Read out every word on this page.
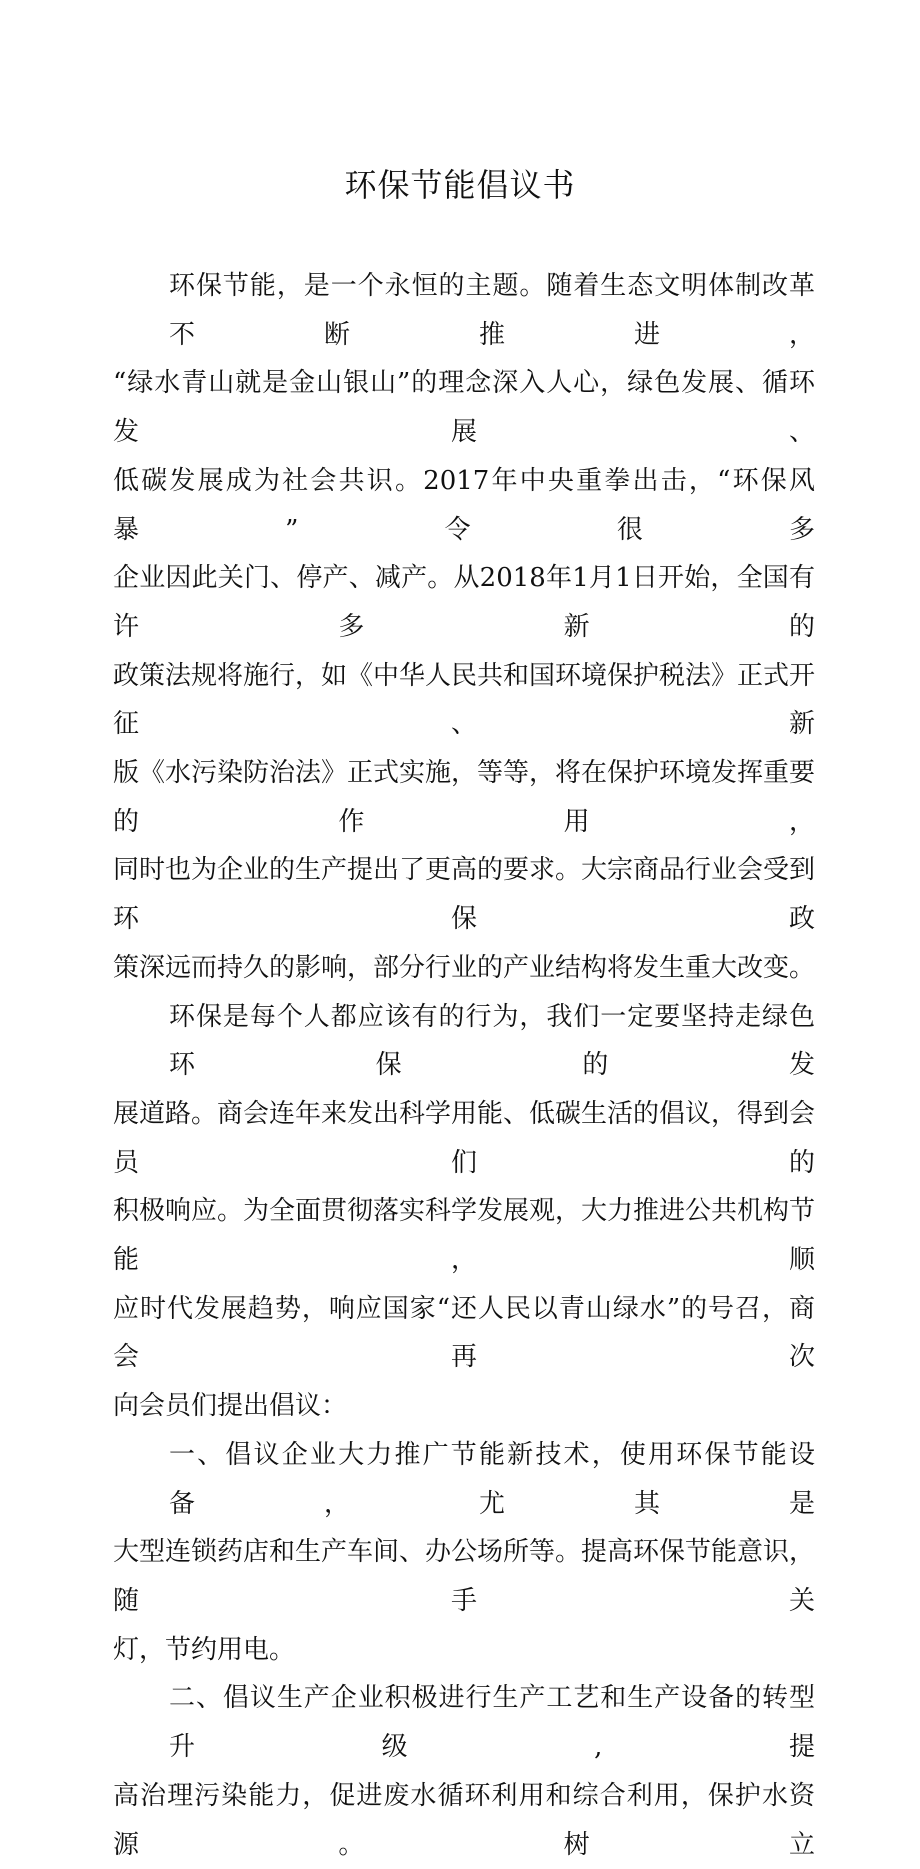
环保节能倡议书
环保节能，是一个永恒的主题。随着生态文明体制改革不断推进，
“绿水青山就是金山银山”的理念深入人心，绿色发展、循环发展、
低碳发展成为社会共识。2017年中央重拳出击，“环保风暴”令很多
企业因此关门、停产、减产。从2018年1月1日开始，全国有许多新的
政策法规将施行，如《中华人民共和国环境保护税法》正式开征、新
版《水污染防治法》正式实施，等等，将在保护环境发挥重要的作用，
同时也为企业的生产提出了更高的要求。大宗商品行业会受到环保政
策深远而持久的影响，部分行业的产业结构将发生重大改变。
环保是每个人都应该有的行为，我们一定要坚持走绿色环保的发
展道路。商会连年来发出科学用能、低碳生活的倡议，得到会员们的
积极响应。为全面贯彻落实科学发展观，大力推进公共机构节能，顺
应时代发展趋势，响应国家“还人民以青山绿水”的号召，商会再次
向会员们提出倡议：
一、倡议企业大力推广节能新技术，使用环保节能设备，尤其是
大型连锁药店和生产车间、办公场所等。提高环保节能意识，随手关
灯，节约用电。
二、倡议生产企业积极进行生产工艺和生产设备的转型升级,提
高治理污染能力，促进废水循环利用和综合利用，保护水资源。树立
